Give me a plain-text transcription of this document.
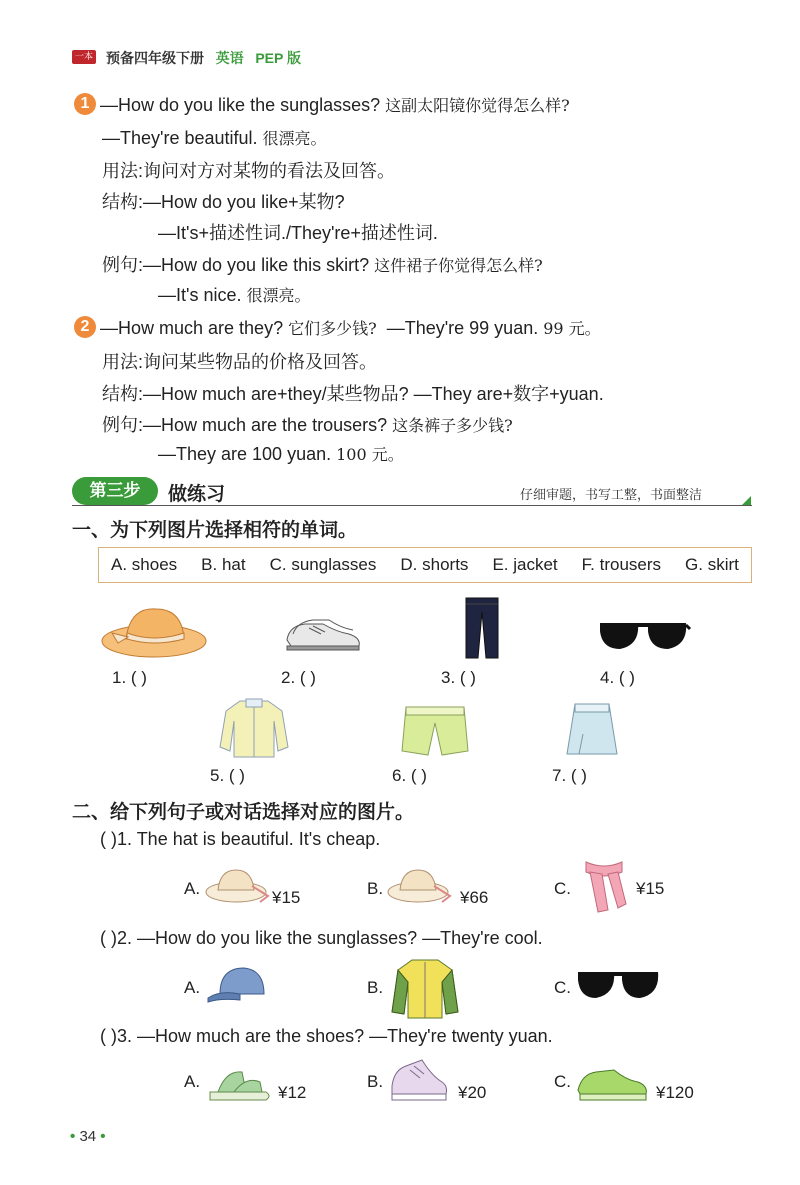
一本 预备四年级下册 英语 PEP 版
1 —How do you like the sunglasses? 这副太阳镜你觉得怎么样?
—They're beautiful. 很漂亮。
用法:询问对方对某物的看法及回答。
结构:—How do you like+某物?
—It's+描述性词./They're+描述性词.
例句:—How do you like this skirt? 这件裙子你觉得怎么样?
—It's nice. 很漂亮。
2 —How much are they? 它们多少钱? —They're 99 yuan. 99 元。
用法:询问某些物品的价格及回答。
结构:—How much are+they/某些物品? —They are+数字+yuan.
例句:—How much are the trousers? 这条裤子多少钱?
—They are 100 yuan. 100 元。
第三步	做练习	仔细审题，书写工整，书面整洁
一、为下列图片选择相符的单词。
A. shoes B. hat C. sunglasses D. shorts E. jacket F. trousers G. skirt
1. ( )	2. ( )	3. ( )	4. ( )
5. ( )	6. ( )	7. ( )
二、给下列句子或对话选择对应的图片。
( )1. The hat is beautiful. It's cheap.
A.	¥15	B.	¥66	C.	¥15
( )2. —How do you like the sunglasses? —They're cool.
A.	B.	C.
( )3. —How much are the shoes? —They're twenty yuan.
A.
¥12
B.
¥20
C.
¥120
• 34 •
